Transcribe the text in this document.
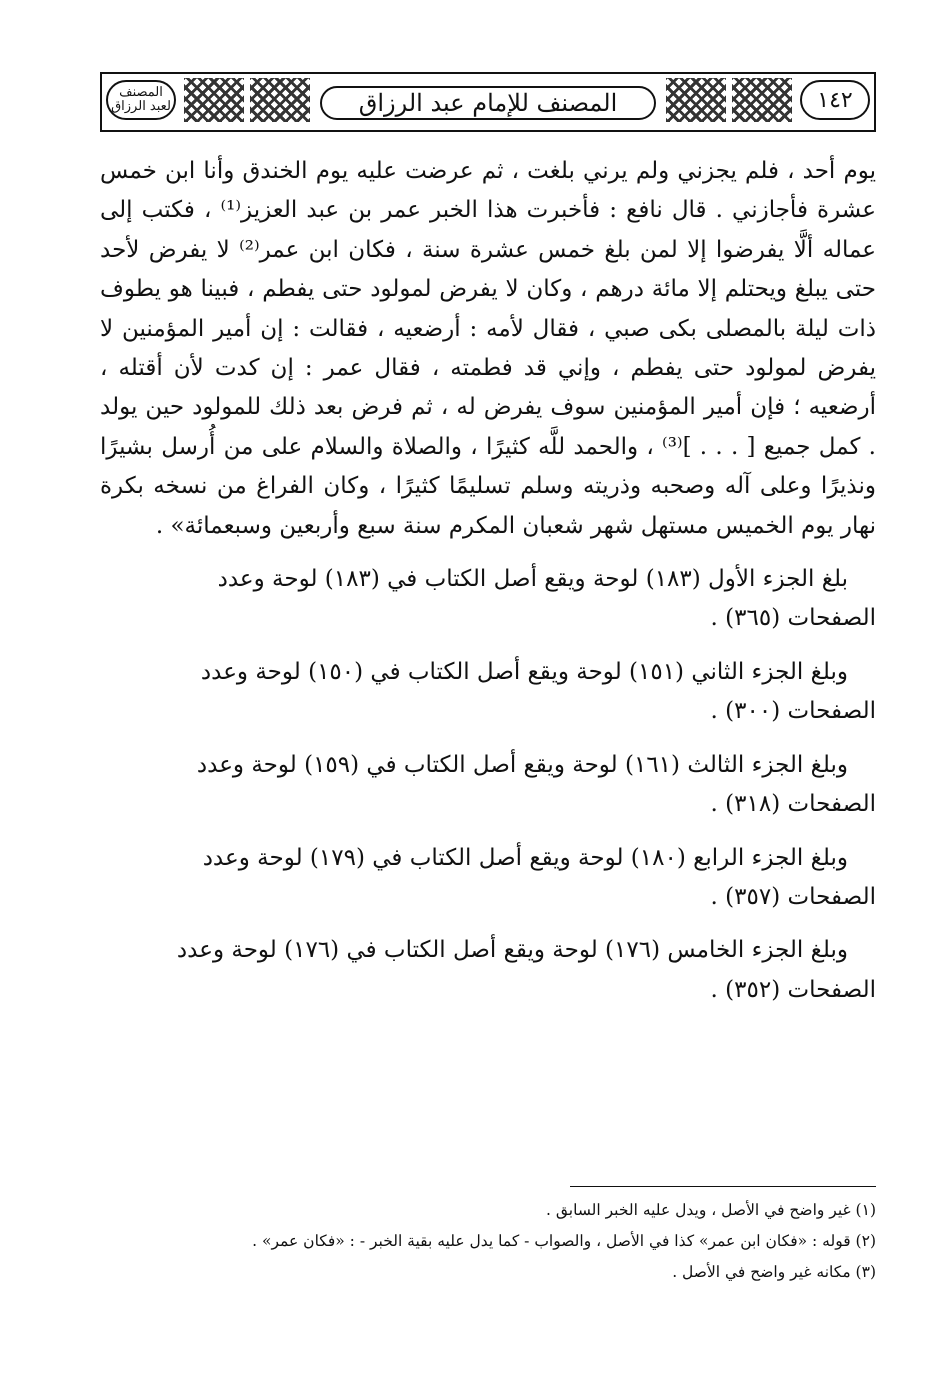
المصنف
لعبد الرزاق	المصنف للإمام عبد الرزاق	١٤٢

يوم أحد ، فلم يجزني ولم يرني بلغت ، ثم عرضت عليه يوم الخندق وأنا ابن خمس عشرة فأجازني . قال نافع : فأخبرت هذا الخبر عمر بن عبد العزيز⁽¹⁾ ، فكتب إلى عماله ألَّا يفرضوا إلا لمن بلغ خمس عشرة سنة ، فكان ابن عمر⁽²⁾ لا يفرض لأحد حتى يبلغ ويحتلم إلا مائة درهم ، وكان لا يفرض لمولود حتى يفطم ، فبينا هو يطوف ذات ليلة بالمصلى بكى صبي ، فقال لأمه : أرضعيه ، فقالت : إن أمير المؤمنين لا يفرض لمولود حتى يفطم ، وإني قد فطمته ، فقال عمر : إن كدت لأن أقتله ، أرضعيه ؛ فإن أمير المؤمنين سوف يفرض له ، ثم فرض بعد ذلك للمولود حين يولد . كمل جميع [ . . . ]⁽³⁾ ، والحمد للَّه كثيرًا ، والصلاة والسلام على من أُرسل بشيرًا ونذيرًا وعلى آله وصحبه وذريته وسلم تسليمًا كثيرًا ، وكان الفراغ من نسخه بكرة نهار يوم الخميس مستهل شهر شعبان المكرم سنة سبع وأربعين وسبعمائة» .

بلغ الجزء الأول (١٨٣) لوحة ويقع أصل الكتاب في (١٨٣) لوحة وعدد
الصفحات (٣٦٥) .

وبلغ الجزء الثاني (١٥١) لوحة ويقع أصل الكتاب في (١٥٠) لوحة وعدد
الصفحات (٣٠٠) .

وبلغ الجزء الثالث (١٦١) لوحة ويقع أصل الكتاب في (١٥٩) لوحة وعدد
الصفحات (٣١٨) .

وبلغ الجزء الرابع (١٨٠) لوحة ويقع أصل الكتاب في (١٧٩) لوحة وعدد
الصفحات (٣٥٧) .

وبلغ الجزء الخامس (١٧٦) لوحة ويقع أصل الكتاب في (١٧٦) لوحة وعدد
الصفحات (٣٥٢) .

(١) غير واضح في الأصل ، ويدل عليه الخبر السابق .
(٢) قوله : «فكان ابن عمر» كذا في الأصل ، والصواب - كما يدل عليه بقية الخبر - : «فكان عمر» .
(٣) مكانه غير واضح في الأصل .
